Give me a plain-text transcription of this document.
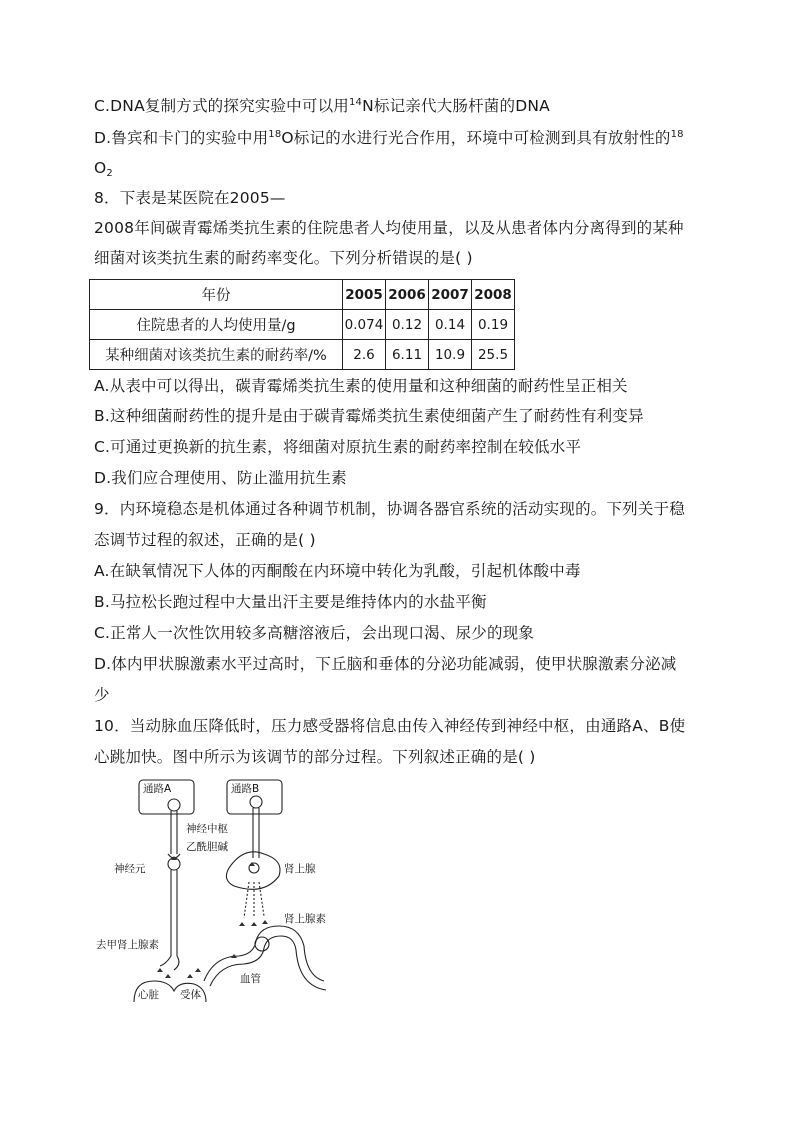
C.DNA复制方式的探究实验中可以用$^{14}$N标记亲代大肠杆菌的DNA
D.鲁宾和卡门的实验中用$^{18}$O标记的水进行光合作用，环境中可检测到具有放射性的$^{18}$
$O_2$
8．下表是某医院在2005—
2008年间碳青霉烯类抗生素的住院患者人均使用量，以及从患者体内分离得到的某种
细菌对该类抗生素的耐药率变化。下列分析错误的是( )
年份	2005	2006	2007	2008
住院患者的人均使用量/g	0.074	0.12	0.14	0.19
某种细菌对该类抗生素的耐药率/%	2.6	6.11	10.9	25.5
A.从表中可以得出，碳青霉烯类抗生素的使用量和这种细菌的耐药性呈正相关
B.这种细菌耐药性的提升是由于碳青霉烯类抗生素使细菌产生了耐药性有利变异
C.可通过更换新的抗生素，将细菌对原抗生素的耐药率控制在较低水平
D.我们应合理使用、防止滥用抗生素
9．内环境稳态是机体通过各种调节机制，协调各器官系统的活动实现的。下列关于稳
态调节过程的叙述，正确的是( )
A.在缺氧情况下人体的丙酮酸在内环境中转化为乳酸，引起机体酸中毒
B.马拉松长跑过程中大量出汗主要是维持体内的水盐平衡
C.正常人一次性饮用较多高糖溶液后，会出现口渴、尿少的现象
D.体内甲状腺激素水平过高时，下丘脑和垂体的分泌功能减弱，使甲状腺激素分泌减
少
10．当动脉血压降低时，压力感受器将信息由传入神经传到神经中枢，由通路A、B使
心跳加快。图中所示为该调节的部分过程。下列叙述正确的是( )
通路A	通路B
神经中枢
乙酰胆碱
神经元	肾上腺
肾上腺素
去甲肾上腺素
血管
心脏 受体
